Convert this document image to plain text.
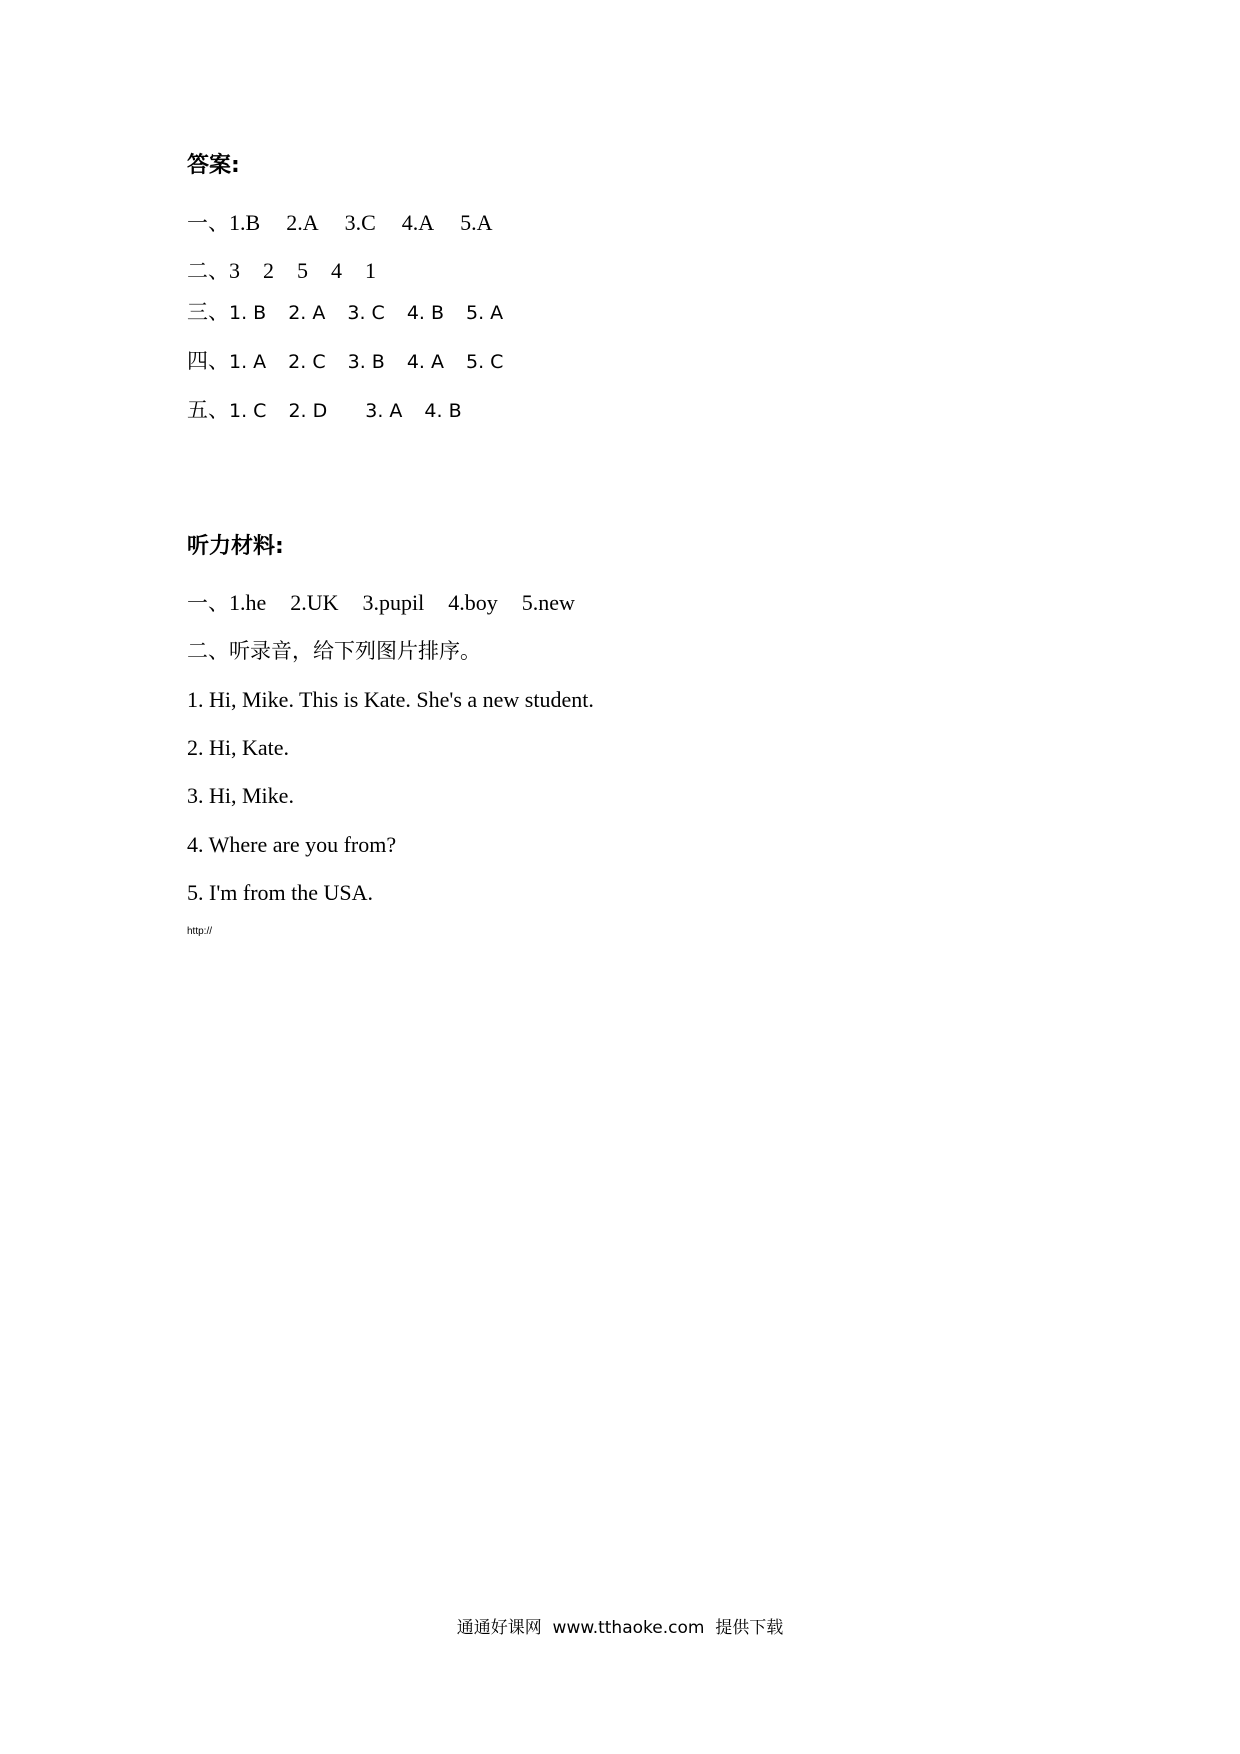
答案:
一、1.B 2.A 3.C 4.A 5.A
二、3 2 5 4 1
三、1. B 2. A 3. C 4. B 5. A
四、1. A 2. C 3. B 4. A 5. C
五、1. C 2. D 3. A 4. B
听力材料:
一、1.he 2.UK 3.pupil 4.boy 5.new
二、听录音，给下列图片排序。
1. Hi, Mike. This is Kate. She's a new student.
2. Hi, Kate.
3. Hi, Mike.
4. Where are you from?
5. I'm from the USA.
http://
通通好课网  www.tthaoke.com  提供下载
